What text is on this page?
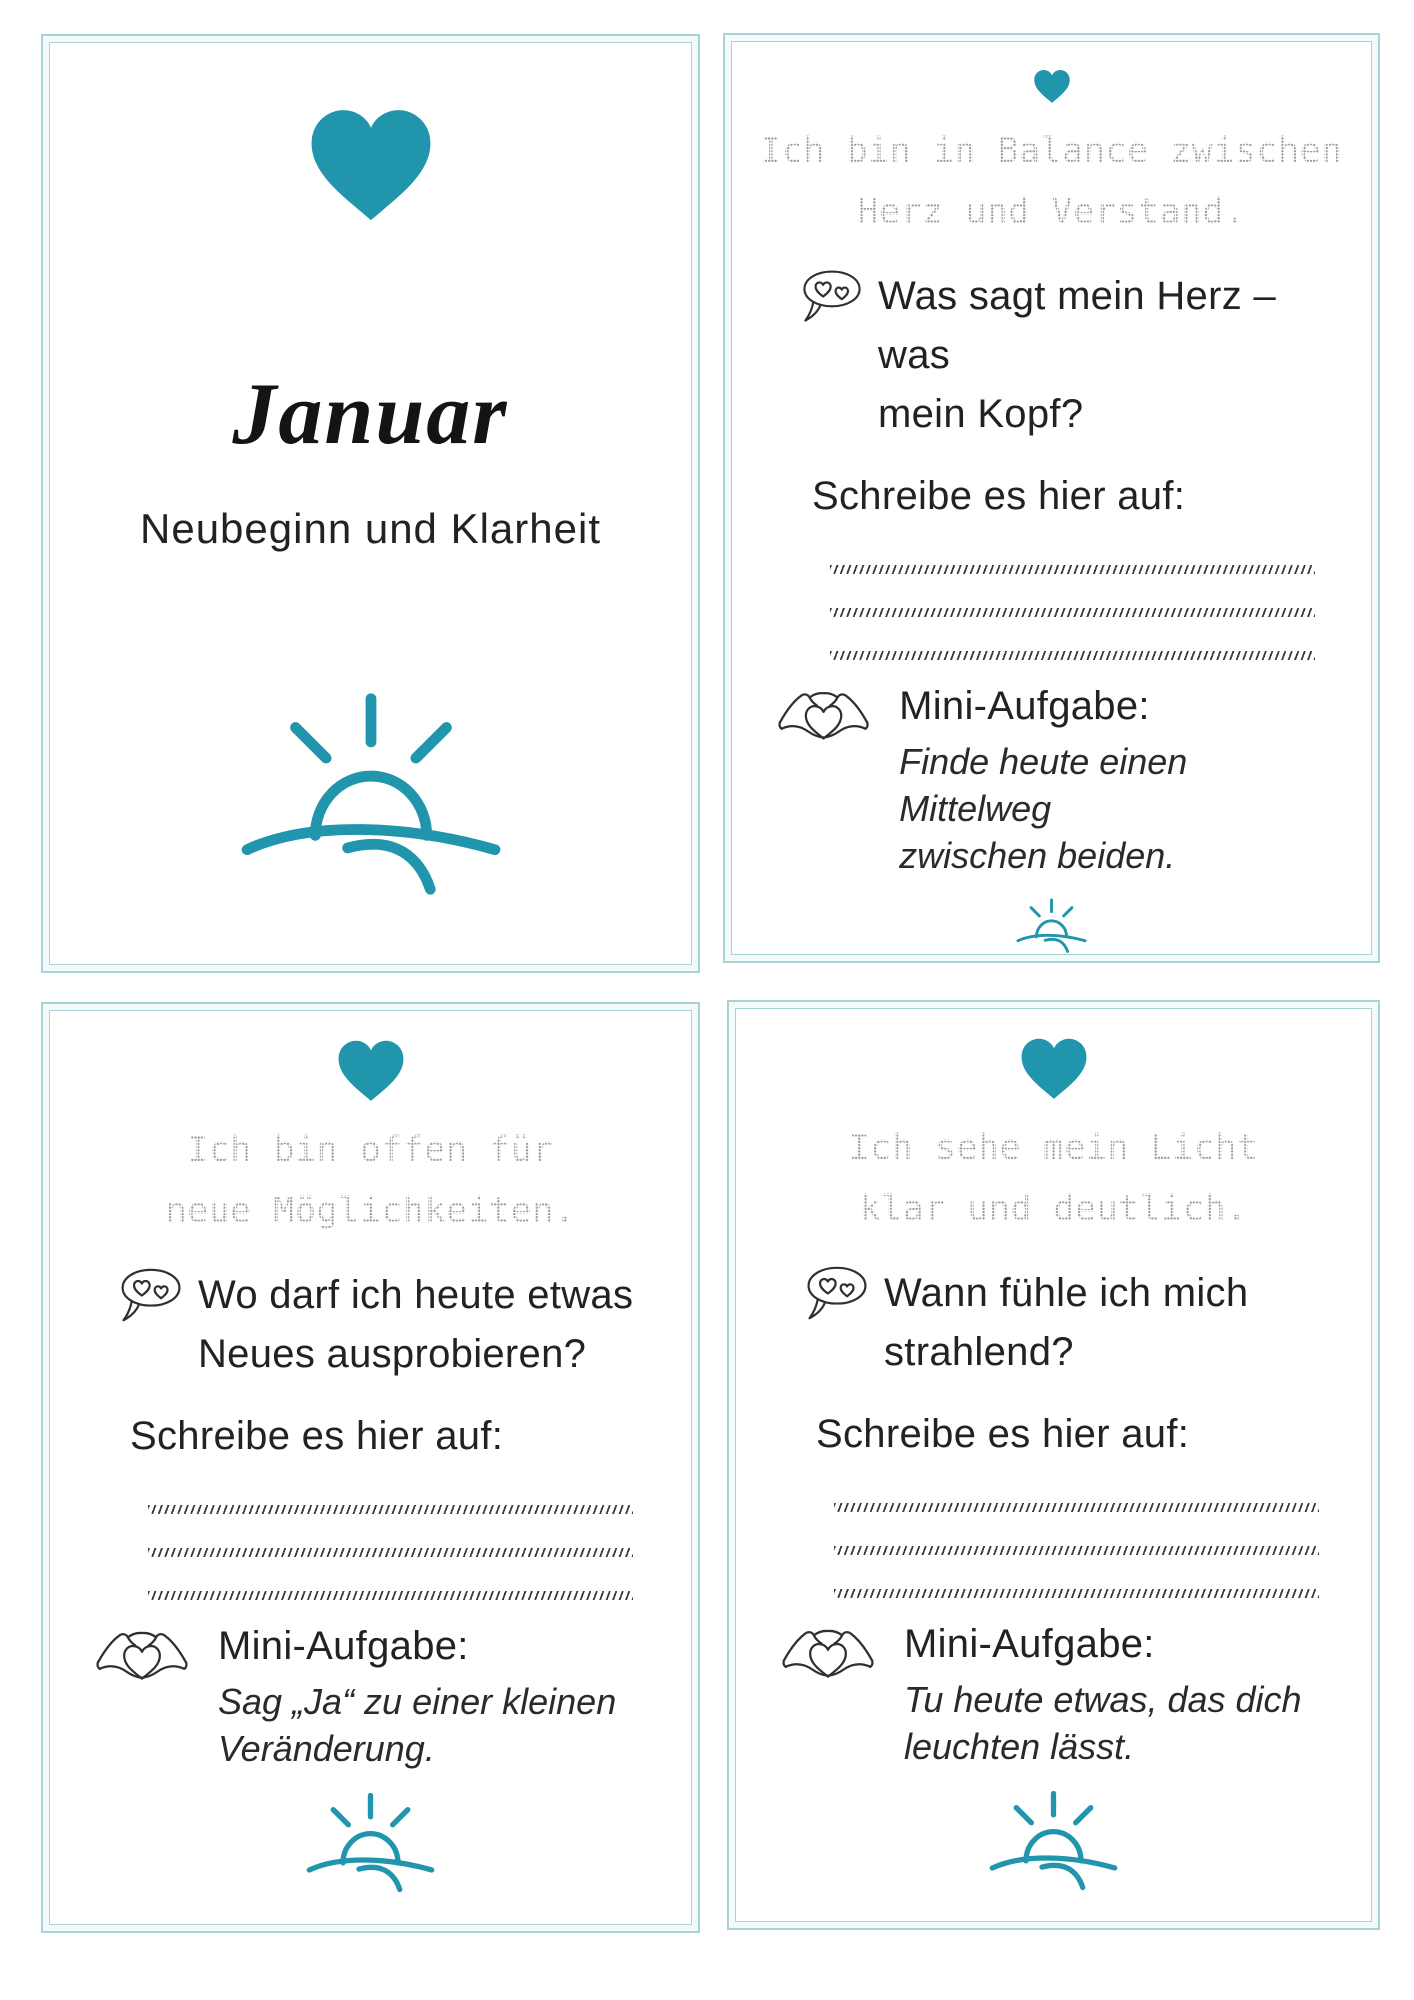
Januar
Neubeginn und Klarheit
Ich bin in Balance zwischen
Herz und Verstand.
Was sagt mein Herz – was
mein Kopf?
Schreibe es hier auf:
Mini-Aufgabe:
Finde heute einen Mittelweg
zwischen beiden.
Ich bin offen für
neue Möglichkeiten.
Wo darf ich heute etwas
Neues ausprobieren?
Schreibe es hier auf:
Mini-Aufgabe:
Sag „Ja“ zu einer kleinen
Veränderung.
Ich sehe mein Licht
klar und deutlich.
Wann fühle ich mich
strahlend?
Schreibe es hier auf:
Mini-Aufgabe:
Tu heute etwas, das dich
leuchten lässt.
